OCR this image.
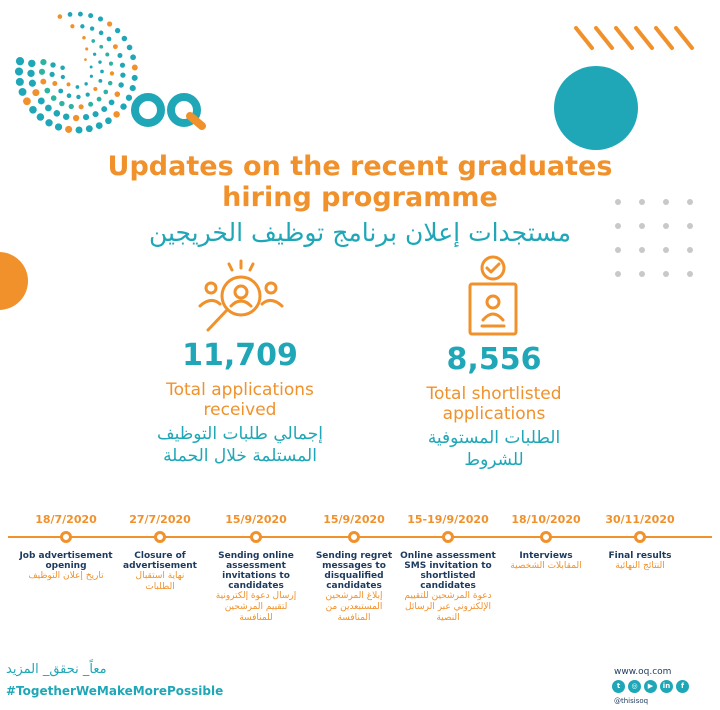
Updates on the recent graduates
hiring programme
مستجدات إعلان برنامج توظيف الخريجين
11,709
Total applications
received
إجمالي طلبات التوظيف
المستلمة خلال الحملة
8,556
Total shortlisted
applications
الطلبات المستوفية
للشروط
18/7/2020
Job advertisement
opening
تاريخ إعلان التوظيف
27/7/2020
Closure of
advertisement
نهاية استقبال
الطلبات
15/9/2020
Sending online
assessment
invitations to
candidates
إرسال دعوة إلكترونية
لتقييم المرشحين
للمنافسة
15/9/2020
Sending regret
messages to
disqualified
candidates
إبلاغ المرشحين
المستبعدين من
المنافسة
15-19/9/2020
Online assessment
SMS invitation to
shortlisted
candidates
دعوة المرشحين للتقييم
الإلكتروني عبر الرسائل
النصية
18/10/2020
Interviews
المقابلات الشخصية
30/11/2020
Final results
النتائج النهائية
معاً_ نحقق_ المزيد
#TogetherWeMakeMorePossible
www.oq.com
t	◎	▶	in	f
@thisisoq
